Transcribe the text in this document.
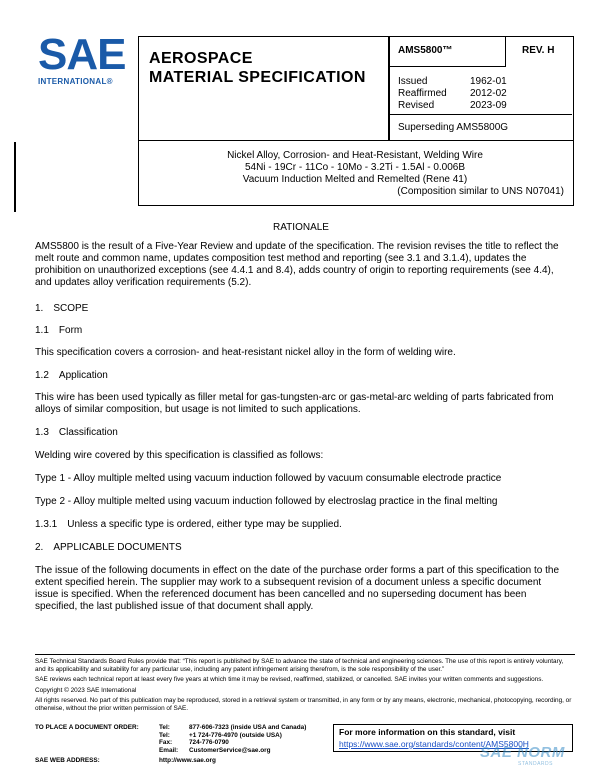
SAE
INTERNATIONAL®
AEROSPACE
MATERIAL SPECIFICATION
AMS5800™	REV. H
Issued	1962-01
Reaffirmed	2012-02
Revised	2023-09
Superseding AMS5800G
Nickel Alloy, Corrosion- and Heat-Resistant, Welding Wire
54Ni - 19Cr - 11Co - 10Mo - 3.2Ti - 1.5Al - 0.006B
Vacuum Induction Melted and Remelted (Rene 41)
(Composition similar to UNS N07041)
RATIONALE
AMS5800 is the result of a Five-Year Review and update of the specification. The revision revises the title to reflect the melt route and common name, updates composition test method and reporting (see 3.1 and 3.1.4), updates the prohibition on unauthorized exceptions (see 4.4.1 and 8.4), adds country of origin to reporting requirements (see 4.4), and updates alloy verification requirements (5.2).
1. SCOPE
1.1 Form
This specification covers a corrosion- and heat-resistant nickel alloy in the form of welding wire.
1.2 Application
This wire has been used typically as filler metal for gas-tungsten-arc or gas-metal-arc welding of parts fabricated from alloys of similar composition, but usage is not limited to such applications.
1.3 Classification
Welding wire covered by this specification is classified as follows:
Type 1 - Alloy multiple melted using vacuum induction followed by vacuum consumable electrode practice
Type 2 - Alloy multiple melted using vacuum induction followed by electroslag practice in the final melting
1.3.1 Unless a specific type is ordered, either type may be supplied.
2. APPLICABLE DOCUMENTS
The issue of the following documents in effect on the date of the purchase order forms a part of this specification to the extent specified herein. The supplier may work to a subsequent revision of a document unless a specific document issue is specified. When the referenced document has been cancelled and no superseding document has been specified, the last published issue of that document shall apply.
SAE Technical Standards Board Rules provide that: “This report is published by SAE to advance the state of technical and engineering sciences. The use of this report is entirely voluntary, and its applicability and suitability for any particular use, including any patent infringement arising therefrom, is the sole responsibility of the user.”
SAE reviews each technical report at least every five years at which time it may be revised, reaffirmed, stabilized, or cancelled. SAE invites your written comments and suggestions.
Copyright © 2023 SAE International
All rights reserved. No part of this publication may be reproduced, stored in a retrieval system or transmitted, in any form or by any means, electronic, mechanical, photocopying, recording, or otherwise, without the prior written permission of SAE.
TO PLACE A DOCUMENT ORDER:	Tel:	877-606-7323 (inside USA and Canada)
Tel:	+1 724-776-4970 (outside USA)
Fax:	724-776-0790
Email:	CustomerService@sae.org
SAE WEB ADDRESS:	http://www.sae.org
For more information on this standard, visit
https://www.sae.org/standards/content/AMS5800H
SAE NORM
STANDARDS
